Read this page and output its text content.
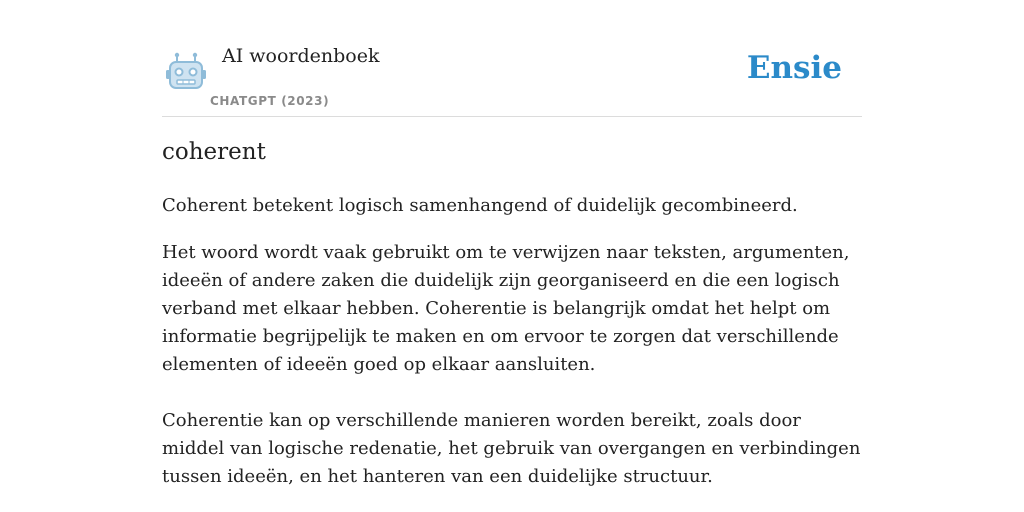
AI woordenboek
CHATGPT (2023)
Ensie
coherent

Coherent betekent logisch samenhangend of duidelijk gecombineerd.

Het woord wordt vaak gebruikt om te verwijzen naar teksten, argumenten, ideeën of andere zaken die duidelijk zijn georganiseerd en die een logisch verband met elkaar hebben. Coherentie is belangrijk omdat het helpt om informatie begrijpelijk te maken en om ervoor te zorgen dat verschillende elementen of ideeën goed op elkaar aansluiten.

Coherentie kan op verschillende manieren worden bereikt, zoals door middel van logische redenatie, het gebruik van overgangen en verbindingen tussen ideeën, en het hanteren van een duidelijke structuur.
